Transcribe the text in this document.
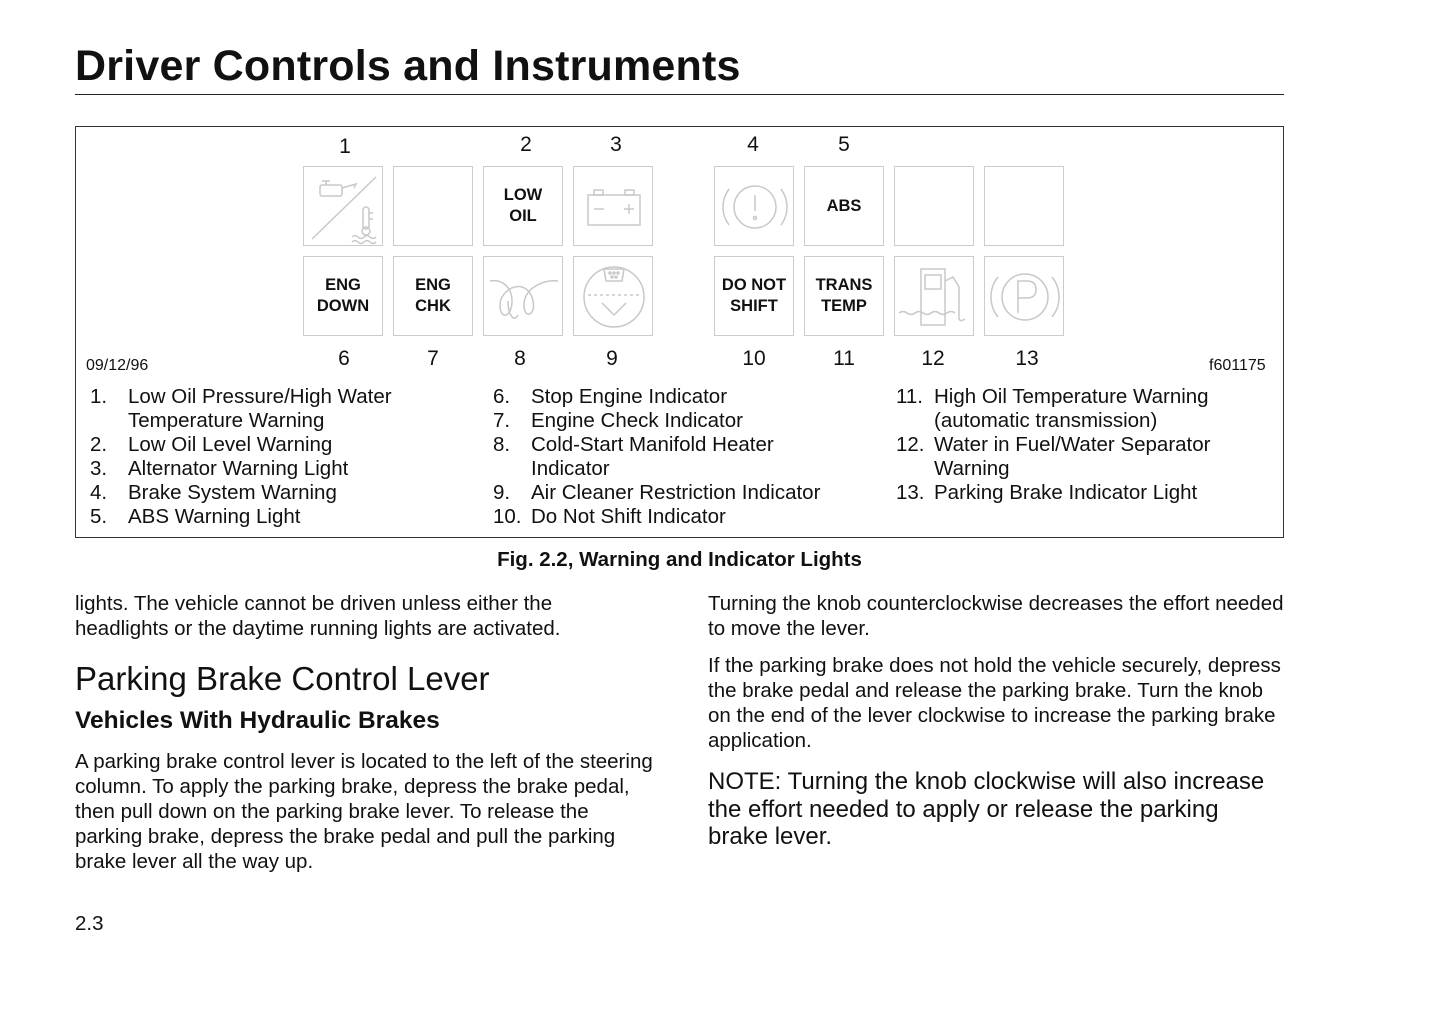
Driver Controls and Instruments
1	2	3	4	5
LOW
OIL
ABS
ENG
DOWN
ENG
CHK
DO NOT
SHIFT
TRANS
TEMP
09/12/96	f601175
6	7	8	9	10	11	12	13
1. Low Oil Pressure/High Water Temperature Warning
2. Low Oil Level Warning
3. Alternator Warning Light
4. Brake System Warning
5. ABS Warning Light
6. Stop Engine Indicator
7. Engine Check Indicator
8. Cold-Start Manifold Heater Indicator
9. Air Cleaner Restriction Indicator
10. Do Not Shift Indicator
11. High Oil Temperature Warning (automatic transmission)
12. Water in Fuel/Water Separator Warning
13. Parking Brake Indicator Light
Fig. 2.2, Warning and Indicator Lights

lights. The vehicle cannot be driven unless either the headlights or the daytime running lights are activated.

Parking Brake Control Lever
Vehicles With Hydraulic Brakes

A parking brake control lever is located to the left of the steering column. To apply the parking brake, depress the brake pedal, then pull down on the parking brake lever. To release the parking brake, depress the brake pedal and pull the parking brake lever all the way up.

Turning the knob counterclockwise decreases the effort needed to move the lever.

If the parking brake does not hold the vehicle securely, depress the brake pedal and release the parking brake. Turn the knob on the end of the lever clockwise to increase the parking brake application.

NOTE: Turning the knob clockwise will also increase the effort needed to apply or release the parking brake lever.

2.3
